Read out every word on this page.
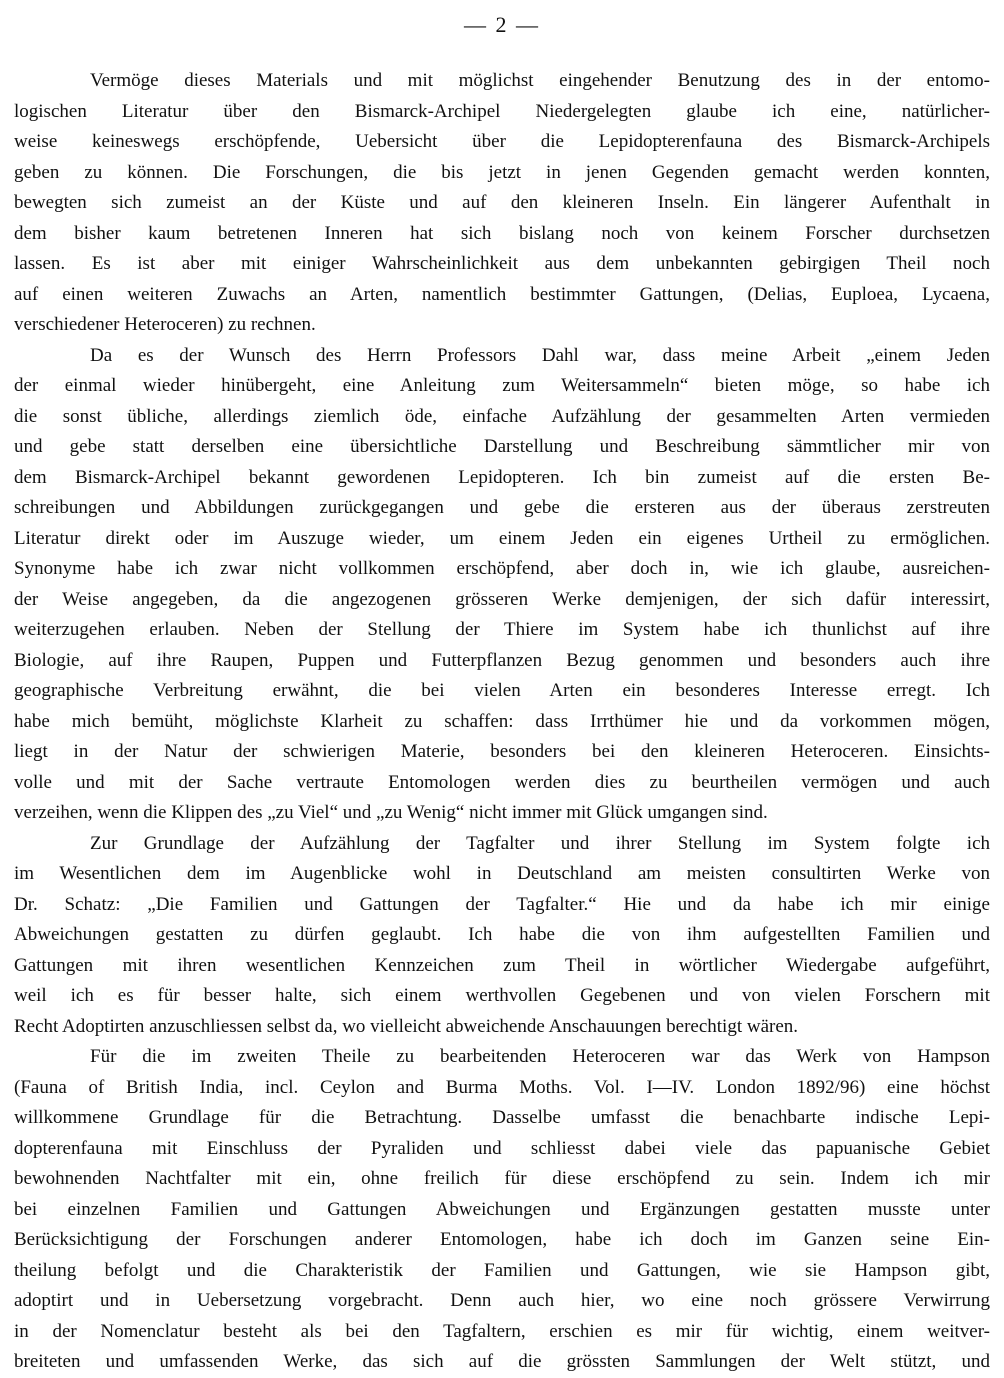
— 2 —
Vermöge dieses Materials und mit möglichst eingehender Benutzung des in der entomo-
logischen Literatur über den Bismarck-Archipel Niedergelegten glaube ich eine, natürlicher-
weise keineswegs erschöpfende, Uebersicht über die Lepidopterenfauna des Bismarck-Archipels
geben zu können. Die Forschungen, die bis jetzt in jenen Gegenden gemacht werden konnten,
bewegten sich zumeist an der Küste und auf den kleineren Inseln. Ein längerer Aufenthalt in
dem bisher kaum betretenen Inneren hat sich bislang noch von keinem Forscher durchsetzen
lassen. Es ist aber mit einiger Wahrscheinlichkeit aus dem unbekannten gebirgigen Theil noch
auf einen weiteren Zuwachs an Arten, namentlich bestimmter Gattungen, (Delias, Euploea, Lycaena,
verschiedener Heteroceren) zu rechnen.
Da es der Wunsch des Herrn Professors Dahl war, dass meine Arbeit „einem Jeden
der einmal wieder hinübergeht, eine Anleitung zum Weitersammeln“ bieten möge, so habe ich
die sonst übliche, allerdings ziemlich öde, einfache Aufzählung der gesammelten Arten vermieden
und gebe statt derselben eine übersichtliche Darstellung und Beschreibung sämmtlicher mir von
dem Bismarck-Archipel bekannt gewordenen Lepidopteren. Ich bin zumeist auf die ersten Be-
schreibungen und Abbildungen zurückgegangen und gebe die ersteren aus der überaus zerstreuten
Literatur direkt oder im Auszuge wieder, um einem Jeden ein eigenes Urtheil zu ermöglichen.
Synonyme habe ich zwar nicht vollkommen erschöpfend, aber doch in, wie ich glaube, ausreichen-
der Weise angegeben, da die angezogenen grösseren Werke demjenigen, der sich dafür interessirt,
weiterzugehen erlauben. Neben der Stellung der Thiere im System habe ich thunlichst auf ihre
Biologie, auf ihre Raupen, Puppen und Futterpflanzen Bezug genommen und besonders auch ihre
geographische Verbreitung erwähnt, die bei vielen Arten ein besonderes Interesse erregt. Ich
habe mich bemüht, möglichste Klarheit zu schaffen: dass Irrthümer hie und da vorkommen mögen,
liegt in der Natur der schwierigen Materie, besonders bei den kleineren Heteroceren. Einsichts-
volle und mit der Sache vertraute Entomologen werden dies zu beurtheilen vermögen und auch
verzeihen, wenn die Klippen des „zu Viel“ und „zu Wenig“ nicht immer mit Glück umgangen sind.
Zur Grundlage der Aufzählung der Tagfalter und ihrer Stellung im System folgte ich
im Wesentlichen dem im Augenblicke wohl in Deutschland am meisten consultirten Werke von
Dr. Schatz: „Die Familien und Gattungen der Tagfalter.“ Hie und da habe ich mir einige
Abweichungen gestatten zu dürfen geglaubt. Ich habe die von ihm aufgestellten Familien und
Gattungen mit ihren wesentlichen Kennzeichen zum Theil in wörtlicher Wiedergabe aufgeführt,
weil ich es für besser halte, sich einem werthvollen Gegebenen und von vielen Forschern mit
Recht Adoptirten anzuschliessen selbst da, wo vielleicht abweichende Anschauungen berechtigt wären.
Für die im zweiten Theile zu bearbeitenden Heteroceren war das Werk von Hampson
(Fauna of British India, incl. Ceylon and Burma Moths. Vol. I—IV. London 1892/96) eine höchst
willkommene Grundlage für die Betrachtung. Dasselbe umfasst die benachbarte indische Lepi-
dopterenfauna mit Einschluss der Pyraliden und schliesst dabei viele das papuanische Gebiet
bewohnenden Nachtfalter mit ein, ohne freilich für diese erschöpfend zu sein. Indem ich mir
bei einzelnen Familien und Gattungen Abweichungen und Ergänzungen gestatten musste unter
Berücksichtigung der Forschungen anderer Entomologen, habe ich doch im Ganzen seine Ein-
theilung befolgt und die Charakteristik der Familien und Gattungen, wie sie Hampson gibt,
adoptirt und in Uebersetzung vorgebracht. Denn auch hier, wo eine noch grössere Verwirrung
in der Nomenclatur besteht als bei den Tagfaltern, erschien es mir für wichtig, einem weitver-
breiteten und umfassenden Werke, das sich auf die grössten Sammlungen der Welt stützt, und
